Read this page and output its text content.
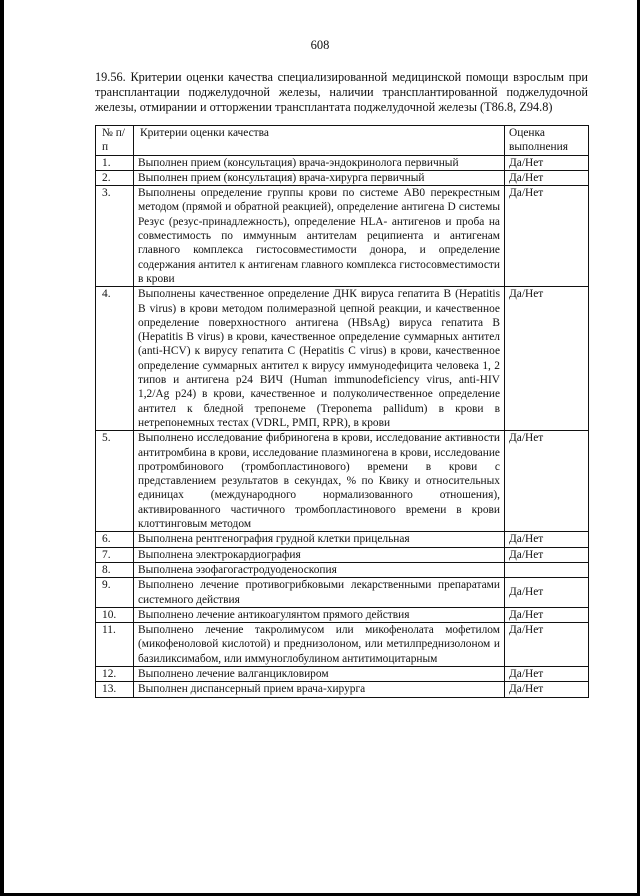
608
19.56. Критерии оценки качества специализированной медицинской помощи взрослым при трансплантации поджелудочной железы, наличии трансплантированной поджелудочной железы, отмирании и отторжении трансплантата поджелудочной железы (T86.8, Z94.8)
№ п/п	Критерии оценки качества	Оценка выполнения
1.	Выполнен прием (консультация) врача-эндокринолога первичный	Да/Нет
2.	Выполнен прием (консультация) врача-хирурга первичный	Да/Нет
3.	Выполнены определение группы крови по системе AB0 перекрестным методом (прямой и обратной реакцией), определение антигена D системы Резус (резус-принадлежность), определение HLA- антигенов и проба на совместимость по иммунным антителам реципиента и антигенам главного комплекса гистосовместимости донора, и определение содержания антител к антигенам главного комплекса гистосовместимости в крови	Да/Нет
4.	Выполнены качественное определение ДНК вируса гепатита B (Hepatitis B virus) в крови методом полимеразной цепной реакции, и качественное определение поверхностного антигена (HBsAg) вируса гепатита B (Hepatitis B virus) в крови, качественное определение суммарных антител (anti-HCV) к вирусу гепатита C (Hepatitis C virus) в крови, качественное определение суммарных антител к вирусу иммунодефицита человека 1, 2 типов и антигена p24 ВИЧ (Human immunodeficiency virus, anti-HIV 1,2/Ag p24) в крови, качественное и полуколичественное определение антител к бледной трепонеме (Treponema pallidum) в крови в нетрепонемных тестах (VDRL, РМП, RPR), в крови	Да/Нет
5.	Выполнено исследование фибриногена в крови, исследование активности антитромбина в крови, исследование плазминогена в крови, исследование протромбинового (тромбопластинового) времени в крови с представлением результатов в секундах, % по Квику и относительных единицах (международного нормализованного отношения), активированного частичного тромбопластинового времени в крови клоттинговым методом	Да/Нет
6.	Выполнена рентгенография грудной клетки прицельная	Да/Нет
7.	Выполнена электрокардиография	Да/Нет
8.	Выполнена эзофагогастродуоденоскопия	
9.	Выполнено лечение противогрибковыми лекарственными препаратами системного действия	Да/Нет
10.	Выполнено лечение антикоагулянтом прямого действия	Да/Нет
11.	Выполнено лечение такролимусом или микофенолата мофетилом (микофеноловой кислотой) и преднизолоном, или метилпреднизолоном и базиликсимабом, или иммуноглобулином антитимоцитарным	Да/Нет
12.	Выполнено лечение валганцикловиром	Да/Нет
13.	Выполнен диспансерный прием врача-хирурга	Да/Нет
